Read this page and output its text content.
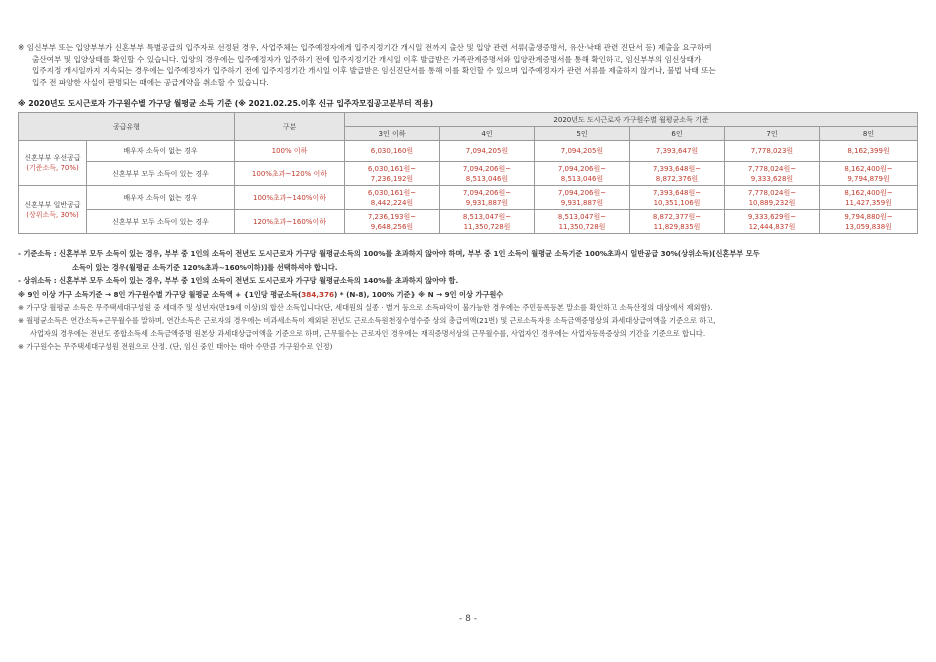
※ 임신부부 또는 입양부부가 신혼부부 특별공급의 입주자로 선정된 경우, 사업주체는 입주예정자에게 입주지정기간 개시일 전까지 출산 및 입양 관련 서류(출생증명서, 유산·낙태 관련 진단서 등) 제출을 요구하여

출산여부 및 입양상태를 확인할 수 있습니다. 입양의 경우에는 입주예정자가 입주하기 전에 입주지정기간 개시일 이후 발급받은 가족관계증명서와 입양관계증명서를 통해 확인하고, 임신부부의 임신상태가

입주지정 개시일까지 지속되는 경우에는 입주예정자가 입주하기 전에 입주지정기간 개시일 이후 발급받은 임신진단서를 통해 이를 확인할 수 있으며 입주예정자가 관련 서류를 제출하지 않거나, 불법 낙태 또는

입주 전 파양한 사실이 판명되는 때에는 공급계약을 취소할 수 있습니다.

※ 2020년도 도시근로자 가구원수별 가구당 월평균 소득 기준 (※ 2021.02.25.이후 신규 입주자모집공고분부터 적용)
공급유형		구분	2020년도 도시근로자 가구원수별 월평균소득 기준					
			3인 이하	4인	5인	6인	7인	8인
신혼부부 우선공급
(기준소득, 70%)	배우자 소득이 없는 경우	100% 이하	6,030,160원	7,094,205원	7,094,205원	7,393,647원	7,778,023원	8,162,399원
	신혼부부 모두 소득이 있는 경우	100%초과~120% 이하	6,030,161원~
7,236,192원	7,094,206원~
8,513,046원	7,094,206원~
8,513,046원	7,393,648원~
8,872,376원	7,778,024원~
9,333,628원	8,162,400원~
9,794,879원
신혼부부 일반공급
(상위소득, 30%)	배우자 소득이 없는 경우	100%초과~140%이하	6,030,161원~
8,442,224원	7,094,206원~
9,931,887원	7,094,206원~
9,931,887원	7,393,648원~
10,351,106원	7,778,024원~
10,889,232원	8,162,400원~
11,427,359원
	신혼부부 모두 소득이 있는 경우	120%초과~160%이하	7,236,193원~
9,648,256원	8,513,047원~
11,350,728원	8,513,047원~
11,350,728원	8,872,377원~
11,829,835원	9,333,629원~
12,444,837원	9,794,880원~
13,059,838원

- 기준소득 : 신혼부부 모두 소득이 있는 경우, 부부 중 1인의 소득이 전년도 도시근로자 가구당 월평균소득의 100%를 초과하지 않아야 하며, 부부 중 1인 소득이 월평균 소득기준 100%초과시 일반공급 30%(상위소득)[신혼부부 모두

소득이 있는 경우(월평균 소득기준 120%초과~160%이하)]를 선택하셔야 합니다.

- 상위소득 : 신혼부부 모두 소득이 있는 경우, 부부 중 1인의 소득이 전년도 도시근로자 가구당 월평균소득의 140%를 초과하지 않아야 함.

※ 9인 이상 가구 소득기준 → 8인 가구원수별 가구당 월평균 소득액 + {1인당 평균소득(384,376) * (N-8), 100% 기준} ※ N → 9인 이상 가구원수

※ 가구당 월평균 소득은 무주택세대구성원 중 세대주 및 성년자(만19세 이상)의 합산 소득입니다(단, 세대원의 실종 · 별거 등으로 소득파악이 불가능한 경우에는 주민등록등본 말소를 확인하고 소득산정의 대상에서 제외함).

※ 월평균소득은 연간소득÷근무월수를 말하며, 연간소득은 근로자의 경우에는 비과세소득이 제외된 전년도 근로소득원천징수영수증 상의 총급여액(21번) 및 근로소득자용 소득금액증명상의 과세대상급여액을 기준으로 하고,

사업자의 경우에는 전년도 종합소득세 소득금액증명 원본상 과세대상급여액을 기준으로 하며, 근무월수는 근로자인 경우에는 재직증명서상의 근무월수를, 사업자인 경우에는 사업자등록증상의 기간을 기준으로 합니다.

※ 가구원수는 무주택세대구성원 전원으로 산정. (단, 임신 중인 태아는 태아 수만큼 가구원수로 인정)

- 8 -
